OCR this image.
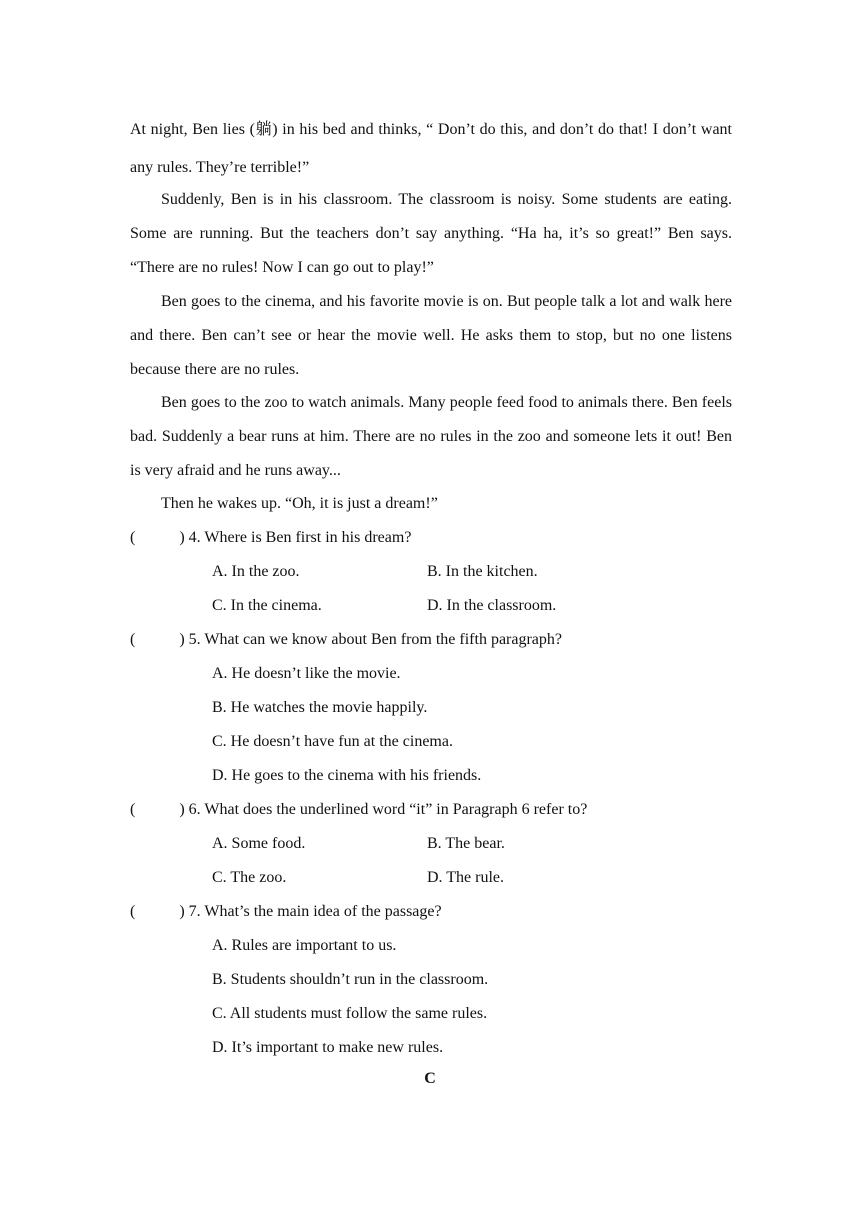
At night, Ben lies (躺) in his bed and thinks, “ Don’t do this, and don’t do that! I don’t want any rules. They’re terrible!”

Suddenly, Ben is in his classroom. The classroom is noisy. Some students are eating. Some are running. But the teachers don’t say anything. “Ha ha, it’s so great!” Ben says. “There are no rules! Now I can go out to play!”

Ben goes to the cinema, and his favorite movie is on. But people talk a lot and walk here and there. Ben can’t see or hear the movie well. He asks them to stop, but no one listens because there are no rules.

Ben goes to the zoo to watch animals. Many people feed food to animals there. Ben feels bad. Suddenly a bear runs at him. There are no rules in the zoo and someone lets it out! Ben is very afraid and he runs away...

Then he wakes up. “Oh, it is just a dream!”

(	) 4. Where is Ben first in his dream?
A. In the zoo.	B. In the kitchen.
C. In the cinema.	D. In the classroom.
(	) 5. What can we know about Ben from the fifth paragraph?
A. He doesn’t like the movie.
B. He watches the movie happily.
C. He doesn’t have fun at the cinema.
D. He goes to the cinema with his friends.
(	) 6. What does the underlined word “it” in Paragraph 6 refer to?
A. Some food.	B. The bear.
C. The zoo.	D. The rule.
(	) 7. What’s the main idea of the passage?
A. Rules are important to us.
B. Students shouldn’t run in the classroom.
C. All students must follow the same rules.
D. It’s important to make new rules.
C
